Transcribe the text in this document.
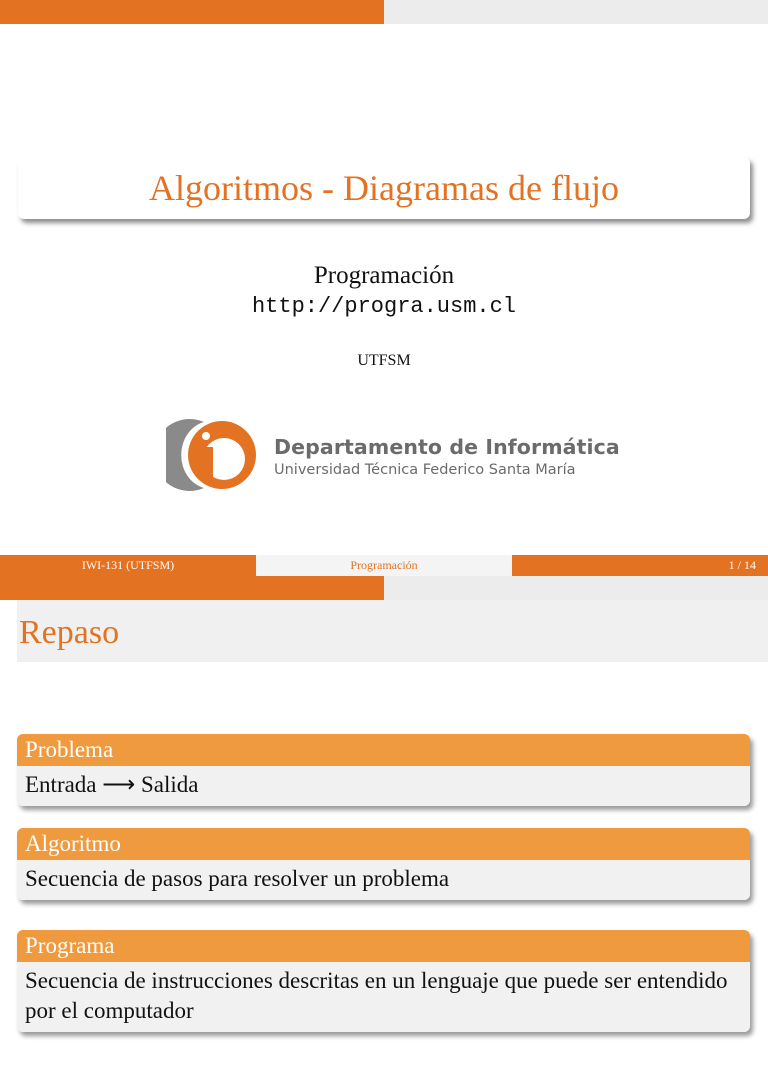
Algoritmos - Diagramas de flujo
Programación
http://progra.usm.cl
UTFSM
Departamento de Informática
Universidad Técnica Federico Santa María
IWI-131 (UTFSM)	Programación	1 / 14
Repaso
Problema
Entrada ⟶ Salida
Algoritmo
Secuencia de pasos para resolver un problema
Programa
Secuencia de instrucciones descritas en un lenguaje que puede ser entendido por el computador
